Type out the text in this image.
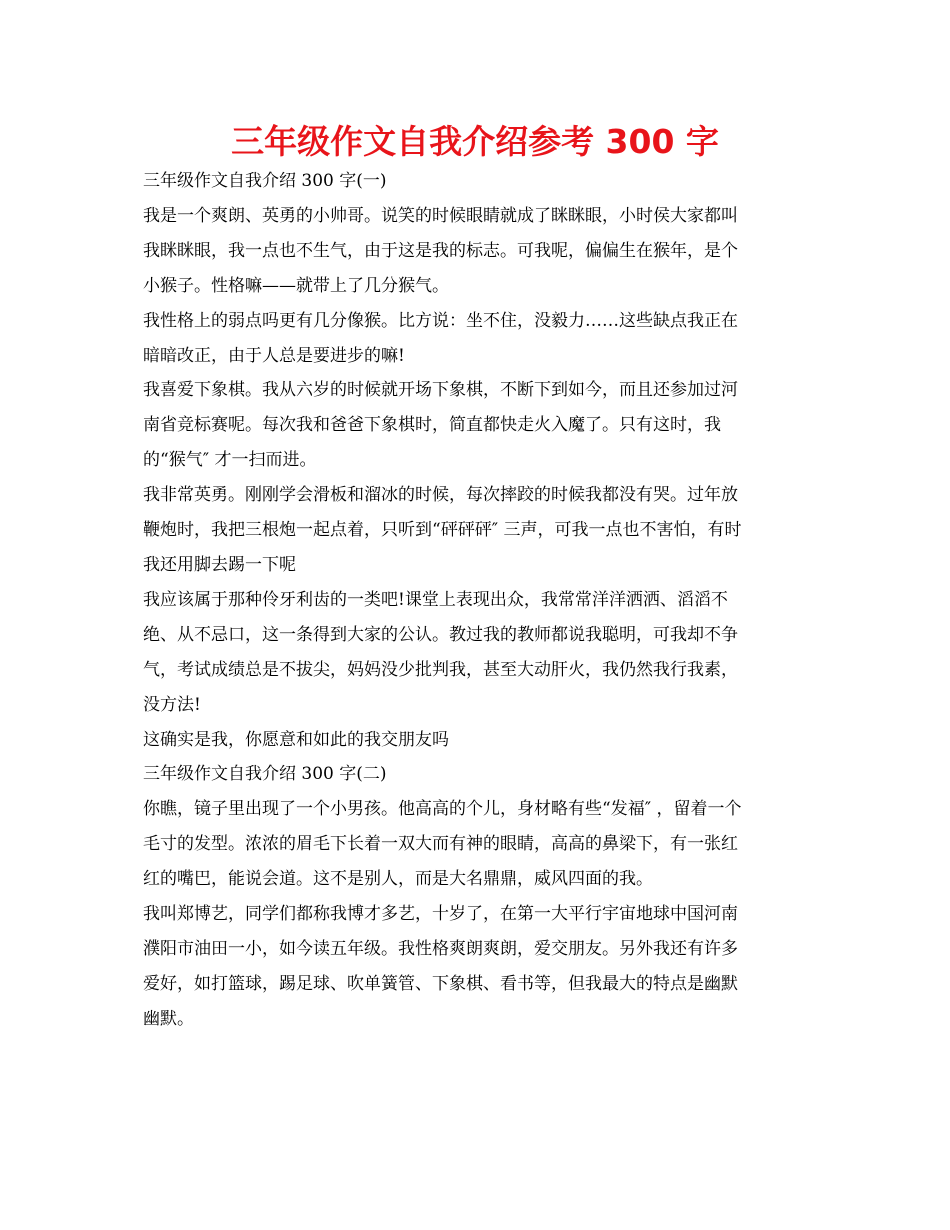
三年级作文自我介绍参考 300 字

三年级作文自我介绍 300 字(一)

我是一个爽朗、英勇的小帅哥。说笑的时候眼睛就成了眯眯眼，小时侯大家都叫

我眯眯眼，我一点也不生气，由于这是我的标志。可我呢，偏偏生在猴年，是个

小猴子。性格嘛——就带上了几分猴气。

我性格上的弱点吗更有几分像猴。比方说：坐不住，没毅力……这些缺点我正在

暗暗改正，由于人总是要进步的嘛!

我喜爱下象棋。我从六岁的时候就开场下象棋，不断下到如今，而且还参加过河

南省竞标赛呢。每次我和爸爸下象棋时，简直都快走火入魔了。只有这时，我

的“猴气″ 才一扫而进。

我非常英勇。刚刚学会滑板和溜冰的时候，每次摔跤的时候我都没有哭。过年放

鞭炮时，我把三根炮一起点着，只听到“砰砰砰″ 三声，可我一点也不害怕，有时

我还用脚去踢一下呢

我应该属于那种伶牙利齿的一类吧!课堂上表现出众，我常常洋洋洒洒、滔滔不

绝、从不忌口，这一条得到大家的公认。教过我的教师都说我聪明，可我却不争

气，考试成绩总是不拔尖，妈妈没少批判我，甚至大动肝火，我仍然我行我素，

没方法!

这确实是我，你愿意和如此的我交朋友吗

三年级作文自我介绍 300 字(二)

你瞧，镜子里出现了一个小男孩。他高高的个儿，身材略有些“发福″ ，留着一个

毛寸的发型。浓浓的眉毛下长着一双大而有神的眼睛，高高的鼻梁下，有一张红

红的嘴巴，能说会道。这不是别人，而是大名鼎鼎，威风四面的我。

我叫郑博艺，同学们都称我博才多艺，十岁了，在第一大平行宇宙地球中国河南

濮阳市油田一小，如今读五年级。我性格爽朗爽朗，爱交朋友。另外我还有许多

爱好，如打篮球，踢足球、吹单簧管、下象棋、看书等，但我最大的特点是幽默

幽默。
